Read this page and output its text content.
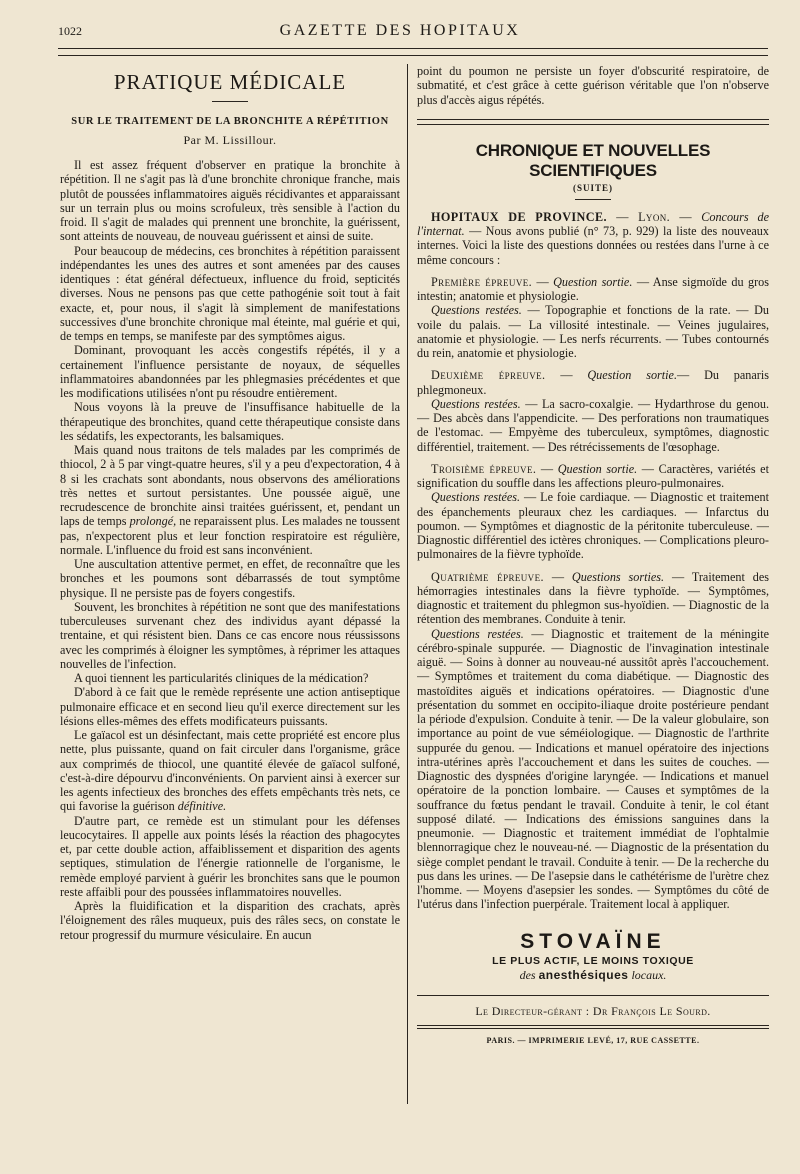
1022	GAZETTE DES HOPITAUX
PRATIQUE MÉDICALE
SUR LE TRAITEMENT DE LA BRONCHITE A RÉPÉTITION
Par M. Lissillour.

Il est assez fréquent d'observer en pratique la bronchite à répétition. Il ne s'agit pas là d'une bronchite chronique franche, mais plutôt de poussées inflammatoires aiguës récidivantes et apparaissant sur un terrain plus ou moins scrofuleux, très sensible à l'action du froid. Il s'agit de malades qui prennent une bronchite, la guérissent, sont atteints de nouveau, de nouveau guérissent et ainsi de suite.

Pour beaucoup de médecins, ces bronchites à répétition paraissent indépendantes les unes des autres et sont amenées par des causes identiques : état général défectueux, influence du froid, septicités diverses. Nous ne pensons pas que cette pathogénie soit tout à fait exacte, et, pour nous, il s'agit là simplement de manifestations successives d'une bronchite chronique mal éteinte, mal guérie et qui, de temps en temps, se manifeste par des symptômes aigus.

Dominant, provoquant les accès congestifs répétés, il y a certainement l'influence persistante de noyaux, de séquelles inflammatoires abandonnées par les phlegmasies précédentes et que les modifications utilisées n'ont pu résoudre entièrement.

Nous voyons là la preuve de l'insuffisance habituelle de la thérapeutique des bronchites, quand cette thérapeutique consiste dans les sédatifs, les expectorants, les balsamiques.

Mais quand nous traitons de tels malades par les comprimés de thiocol, 2 à 5 par vingt-quatre heures, s'il y a peu d'expectoration, 4 à 8 si les crachats sont abondants, nous observons des améliorations très nettes et surtout persistantes. Une poussée aiguë, une recrudescence de bronchite ainsi traitées guérissent, et, pendant un laps de temps prolongé, ne reparaissent plus. Les malades ne toussent pas, n'expectorent plus et leur fonction respiratoire est régulière, normale. L'influence du froid est sans inconvénient.

Une auscultation attentive permet, en effet, de reconnaître que les bronches et les poumons sont débarrassés de tout symptôme physique. Il ne persiste pas de foyers congestifs.

Souvent, les bronchites à répétition ne sont que des manifestations tuberculeuses survenant chez des individus ayant dépassé la trentaine, et qui résistent bien. Dans ce cas encore nous réussissons avec les comprimés à éloigner les symptômes, à réprimer les attaques nouvelles de l'infection.

A quoi tiennent les particularités cliniques de la médication?

D'abord à ce fait que le remède représente une action antiseptique pulmonaire efficace et en second lieu qu'il exerce directement sur les lésions elles-mêmes des effets modificateurs puissants.

Le gaïacol est un désinfectant, mais cette propriété est encore plus nette, plus puissante, quand on fait circuler dans l'organisme, grâce aux comprimés de thiocol, une quantité élevée de gaïacol sulfoné, c'est-à-dire dépourvu d'inconvénients. On parvient ainsi à exercer sur les agents infectieux des bronches des effets empêchants très nets, ce qui favorise la guérison définitive.

D'autre part, ce remède est un stimulant pour les défenses leucocytaires. Il appelle aux points lésés la réaction des phagocytes et, par cette double action, affaiblissement et disparition des agents septiques, stimulation de l'énergie rationnelle de l'organisme, le remède employé parvient à guérir les bronchites sans que le poumon reste affaibli pour des poussées inflammatoires nouvelles.

Après la fluidification et la disparition des crachats, après l'éloignement des râles muqueux, puis des râles secs, on constate le retour progressif du murmure vésiculaire. En aucun

point du poumon ne persiste un foyer d'obscurité respiratoire, de submatité, et c'est grâce à cette guérison véritable que l'on n'observe plus d'accès aigus répétés.

CHRONIQUE ET NOUVELLES SCIENTIFIQUES
(SUITE)

HOPITAUX DE PROVINCE. — Lyon. — Concours de l'internat. — Nous avons publié (n° 73, p. 929) la liste des nouveaux internes. Voici la liste des questions données ou restées dans l'urne à ce même concours :

Première épreuve. — Question sortie. — Anse sigmoïde du gros intestin; anatomie et physiologie.

Questions restées. — Topographie et fonctions de la rate. — Du voile du palais. — La villosité intestinale. — Veines jugulaires, anatomie et physiologie. — Les nerfs récurrents. — Tubes contournés du rein, anatomie et physiologie.

Deuxième épreuve. — Question sortie.— Du panaris phlegmoneux.

Questions restées. — La sacro-coxalgie. — Hydarthrose du genou. — Des abcès dans l'appendicite. — Des perforations non traumatiques de l'estomac. — Empyème des tuberculeux, symptômes, diagnostic différentiel, traitement. — Des rétrécissements de l'œsophage.

Troisième épreuve. — Question sortie. — Caractères, variétés et signification du souffle dans les affections pleuro-pulmonaires.

Questions restées. — Le foie cardiaque. — Diagnostic et traitement des épanchements pleuraux chez les cardiaques. — Infarctus du poumon. — Symptômes et diagnostic de la péritonite tuberculeuse. — Diagnostic différentiel des ictères chroniques. — Complications pleuro-pulmonaires de la fièvre typhoïde.

Quatrième épreuve. — Questions sorties. — Traitement des hémorragies intestinales dans la fièvre typhoïde. — Symptômes, diagnostic et traitement du phlegmon sus-hyoïdien. — Diagnostic de la rétention des membranes. Conduite à tenir.

Questions restées. — Diagnostic et traitement de la méningite cérébro-spinale suppurée. — Diagnostic de l'invagination intestinale aiguë. — Soins à donner au nouveau-né aussitôt après l'accouchement. — Symptômes et traitement du coma diabétique. — Diagnostic des mastoïdites aiguës et indications opératoires. — Diagnostic d'une présentation du sommet en occipito-iliaque droite postérieure pendant la période d'expulsion. Conduite à tenir. — De la valeur globulaire, son importance au point de vue séméiologique. — Diagnostic de l'arthrite suppurée du genou. — Indications et manuel opératoire des injections intra-utérines après l'accouchement et dans les suites de couches. — Diagnostic des dyspnées d'origine laryngée. — Indications et manuel opératoire de la ponction lombaire. — Causes et symptômes de la souffrance du fœtus pendant le travail. Conduite à tenir, le col étant supposé dilaté. — Indications des émissions sanguines dans la pneumonie. — Diagnostic et traitement immédiat de l'ophtalmie blennorragique chez le nouveau-né. — Diagnostic de la présentation du siège complet pendant le travail. Conduite à tenir. — De la recherche du pus dans les urines. — De l'asepsie dans le cathétérisme de l'urètre chez l'homme. — Moyens d'asepsier les sondes. — Symptômes du côté de l'utérus dans l'infection puerpérale. Traitement local à appliquer.

STOVAÏNE
LE PLUS ACTIF, LE MOINS TOXIQUE
des anesthésiques locaux.
Le Directeur-gérant : Dr François Le Sourd.
PARIS. — IMPRIMERIE LEVÉ, 17, RUE CASSETTE.
